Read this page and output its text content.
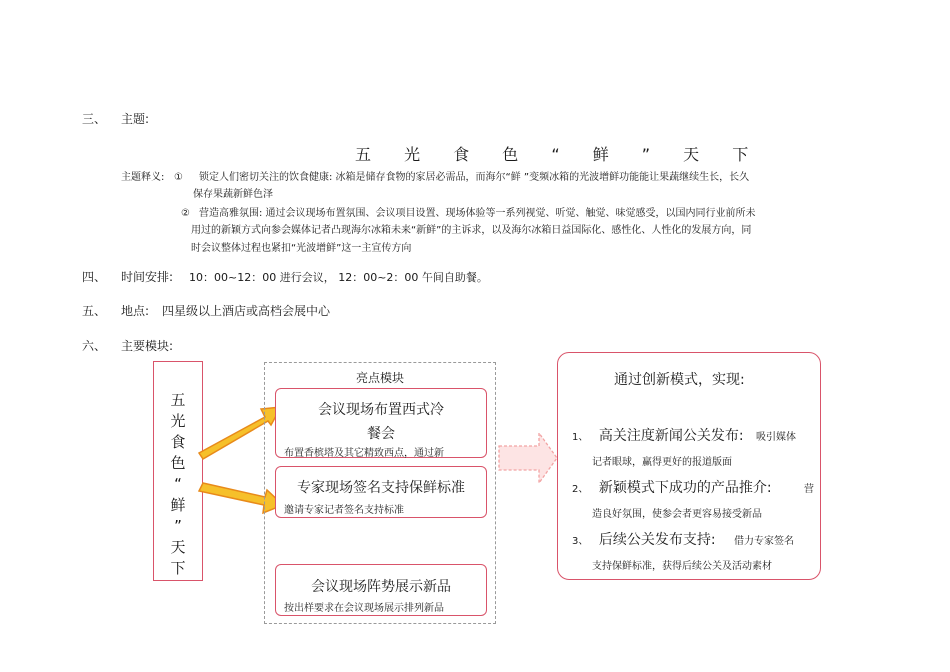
三、 主题:
五 光 食 色 “ 鲜 ” 天 下
主题释义: ① 锁定人们密切关注的饮食健康: 冰箱是储存食物的家居必需品，而海尔“鲜 ”变频冰箱的光波增鲜功能能让果蔬继续生长，长久
保存果蔬新鲜色泽
② 营造高雅氛围: 通过会议现场布置氛围、会议项目设置、现场体验等一系列视觉、听觉、触觉、味觉感受，以国内同行业前所未
用过的新颖方式向参会媒体记者凸现海尔冰箱未来“新鲜”的主诉求，以及海尔冰箱日益国际化、感性化、人性化的发展方向，同
时会议整体过程也紧扣“光波增鲜”这一主宣传方向
四、 时间安排: 10：00~12：00 进行会议， 12：00~2：00 午间自助餐。
五、 地点: 四星级以上酒店或高档会展中心
六、 主要模块:
五
光
食
色
“
鲜
”
天
下
亮点模块
会议现场布置西式冷
餐会
布置香槟塔及其它精致西点，通过新
专家现场签名支持保鲜标准
邀请专家记者签名支持标准
会议现场阵势展示新品
按出样要求在会议现场展示排列新品
通过创新模式，实现:
1、 高关注度新闻公关发布: 吸引媒体
记者眼球，赢得更好的报道版面
2、 新颖模式下成功的产品推介:	营
造良好氛围，使参会者更容易接受新品
3、 后续公关发布支持: 借力专家签名
支持保鲜标准，获得后续公关及活动素材
